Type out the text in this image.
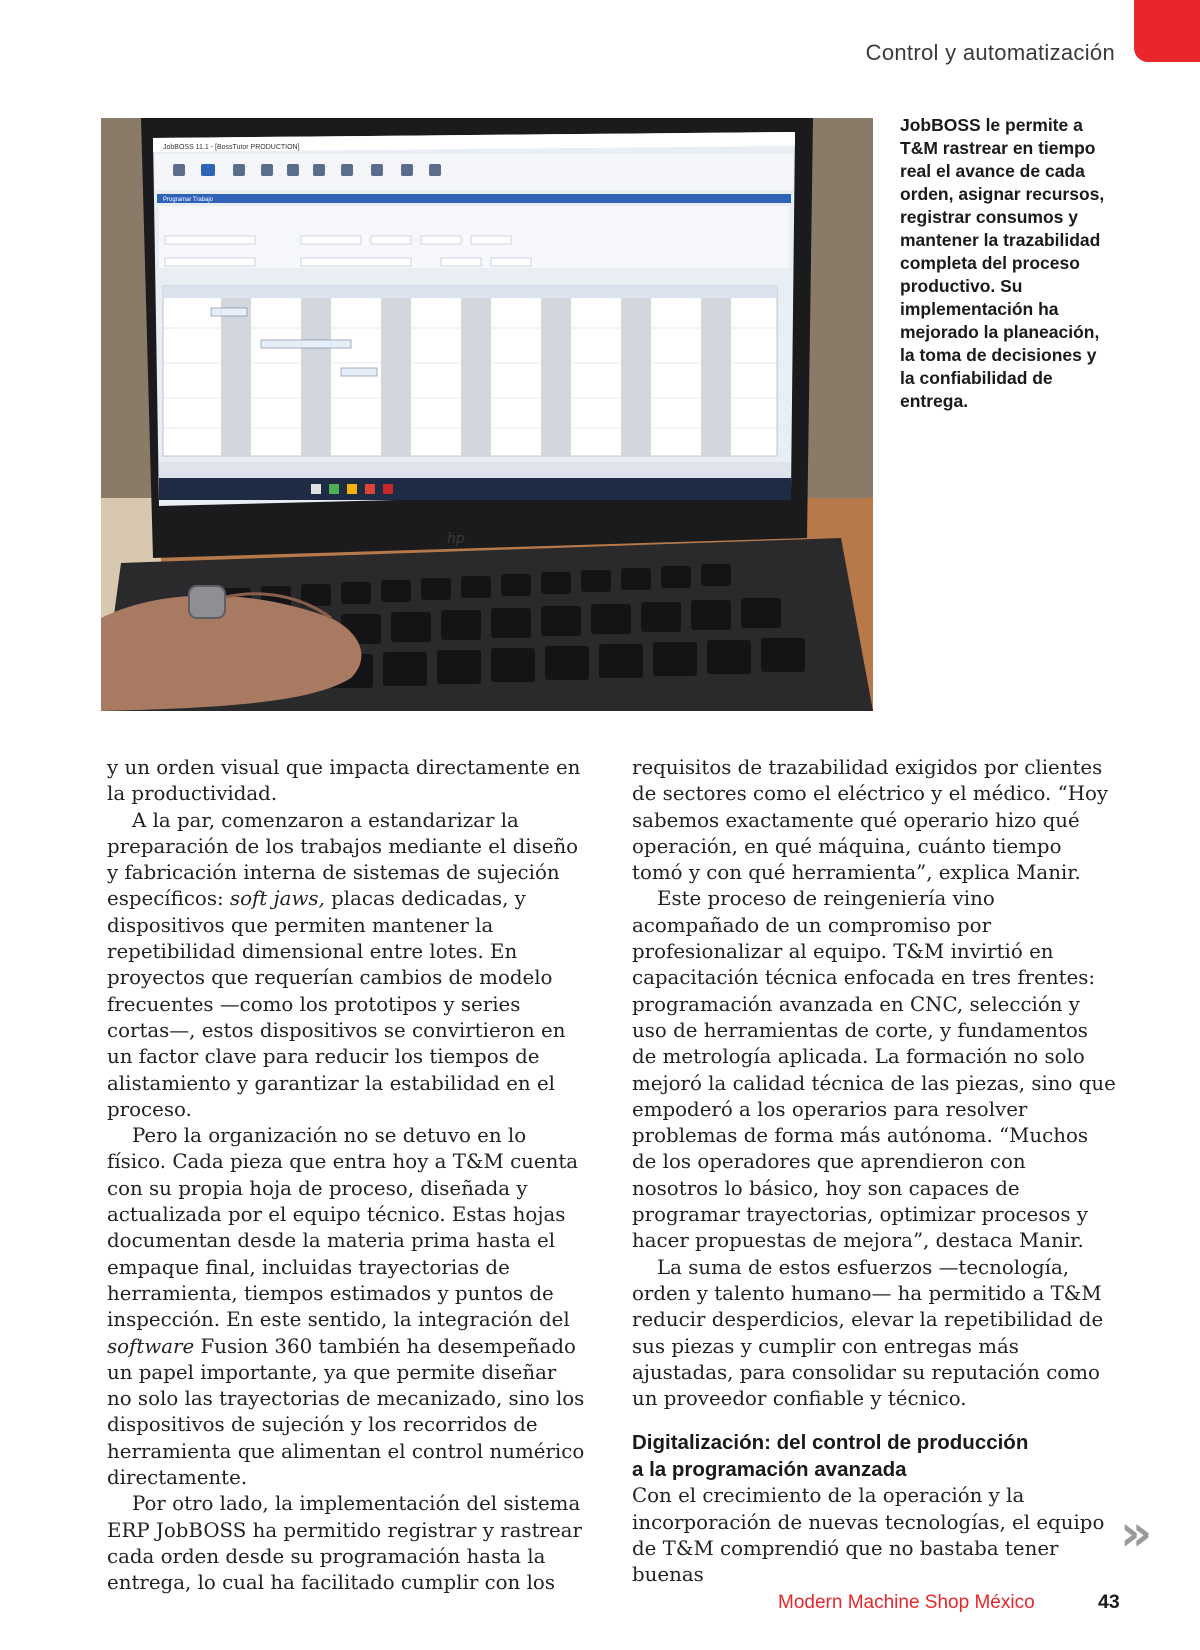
Control y automatización
JobBOSS 11.1 - [BossTutor PRODUCTION]
Programar Trabajo
hp

JobBOSS le permite a T&M rastrear en tiempo real el avance de cada orden, asignar recursos, registrar consumos y mantener la trazabilidad completa del proceso productivo. Su implementación ha mejorado la planeación, la toma de decisiones y la confiabilidad de entrega.

y un orden visual que impacta directamente en la productividad.

A la par, comenzaron a estandarizar la preparación de los trabajos mediante el diseño y fabricación interna de sistemas de sujeción específicos: soft jaws, placas dedicadas, y dispositivos que permiten mantener la repetibilidad dimensional entre lotes. En proyectos que requerían cambios de modelo frecuentes —como los prototipos y series cortas—, estos dispositivos se convirtieron en un factor clave para reducir los tiempos de alistamiento y garantizar la estabilidad en el proceso.

Pero la organización no se detuvo en lo físico. Cada pieza que entra hoy a T&M cuenta con su propia hoja de proceso, diseñada y actualizada por el equipo técnico. Estas hojas documentan desde la materia prima hasta el empaque final, incluidas trayectorias de herramienta, tiempos estimados y puntos de inspección. En este sentido, la integración del software Fusion 360 también ha desempeñado un papel importante, ya que permite diseñar no solo las trayectorias de mecanizado, sino los dispositivos de sujeción y los recorridos de herramienta que alimentan el control numérico directamente.

Por otro lado, la implementación del sistema ERP JobBOSS ha permitido registrar y rastrear cada orden desde su programación hasta la entrega, lo cual ha facilitado cumplir con los

requisitos de trazabilidad exigidos por clientes de sectores como el eléctrico y el médico. “Hoy sabemos exactamente qué operario hizo qué operación, en qué máquina, cuánto tiempo tomó y con qué herramienta”, explica Manir.

Este proceso de reingeniería vino acompañado de un compromiso por profesionalizar al equipo. T&M invirtió en capacitación técnica enfocada en tres frentes: programación avanzada en CNC, selección y uso de herramientas de corte, y fundamentos de metrología aplicada. La formación no solo mejoró la calidad técnica de las piezas, sino que empoderó a los operarios para resolver problemas de forma más autónoma. “Muchos de los operadores que aprendieron con nosotros lo básico, hoy son capaces de programar trayectorias, optimizar procesos y hacer propuestas de mejora”, destaca Manir.

La suma de estos esfuerzos —tecnología, orden y talento humano— ha permitido a T&M reducir desperdicios, elevar la repetibilidad de sus piezas y cumplir con entregas más ajustadas, para consolidar su reputación como un proveedor confiable y técnico.

Digitalización: del control de producción
a la programación avanzada

Con el crecimiento de la operación y la incorporación de nuevas tecnologías, el equipo de T&M comprendió que no bastaba tener buenas

»
Modern Machine Shop México	43
